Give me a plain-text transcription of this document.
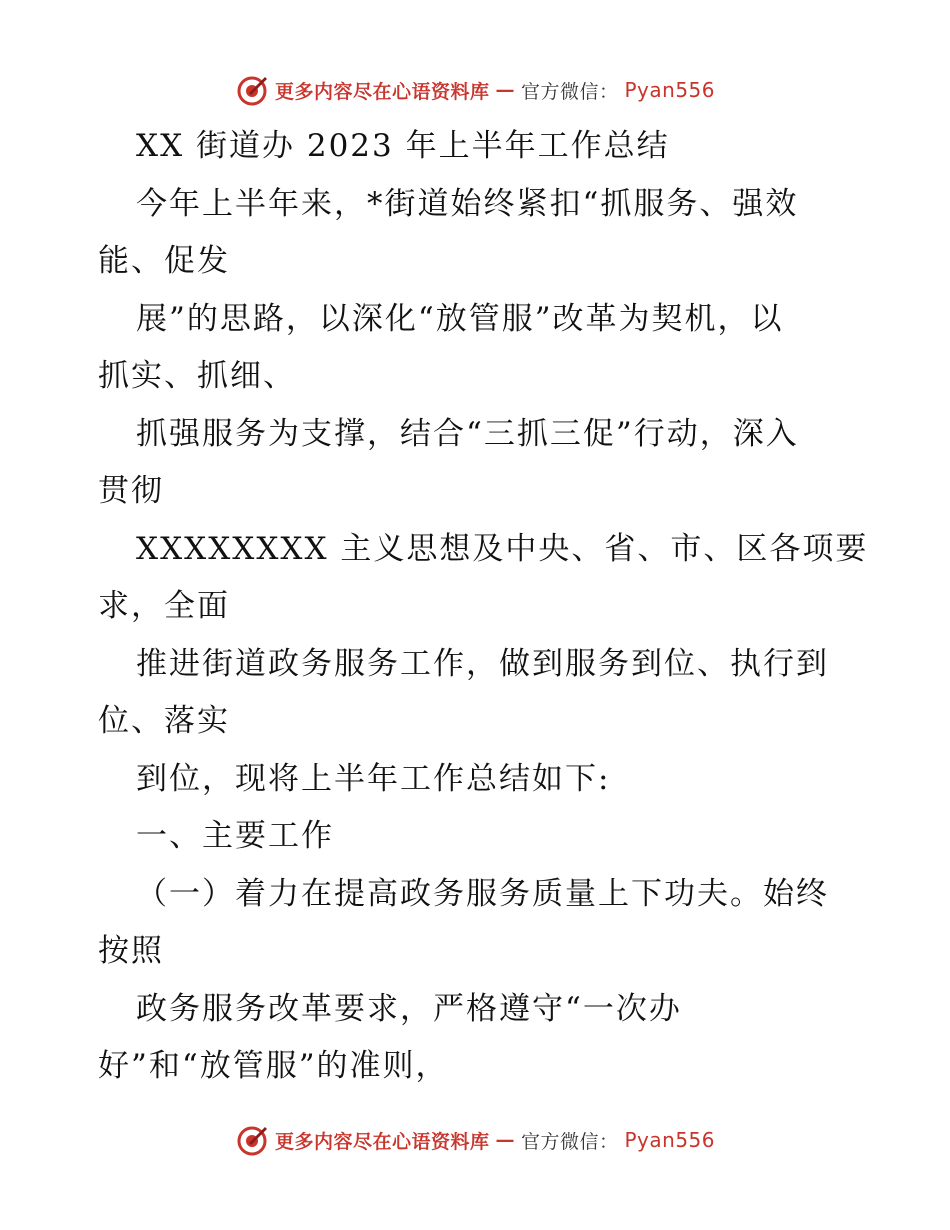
更多内容尽在心语资料库 — 官方微信： Pyan556
XX 街道办 2023 年上半年工作总结
今年上半年来，*街道始终紧扣“抓服务、强效
能、促发
展”的思路，以深化“放管服”改革为契机，以
抓实、抓细、
抓强服务为支撑，结合“三抓三促”行动，深入
贯彻
XXXXXXXX 主义思想及中央、省、市、区各项要
求，全面
推进街道政务服务工作，做到服务到位、执行到
位、落实
到位，现将上半年工作总结如下:
一、主要工作
（一）着力在提高政务服务质量上下功夫。始终
按照
政务服务改革要求，严格遵守“一次办
好”和“放管服”的准则，
更多内容尽在心语资料库 — 官方微信： Pyan556
